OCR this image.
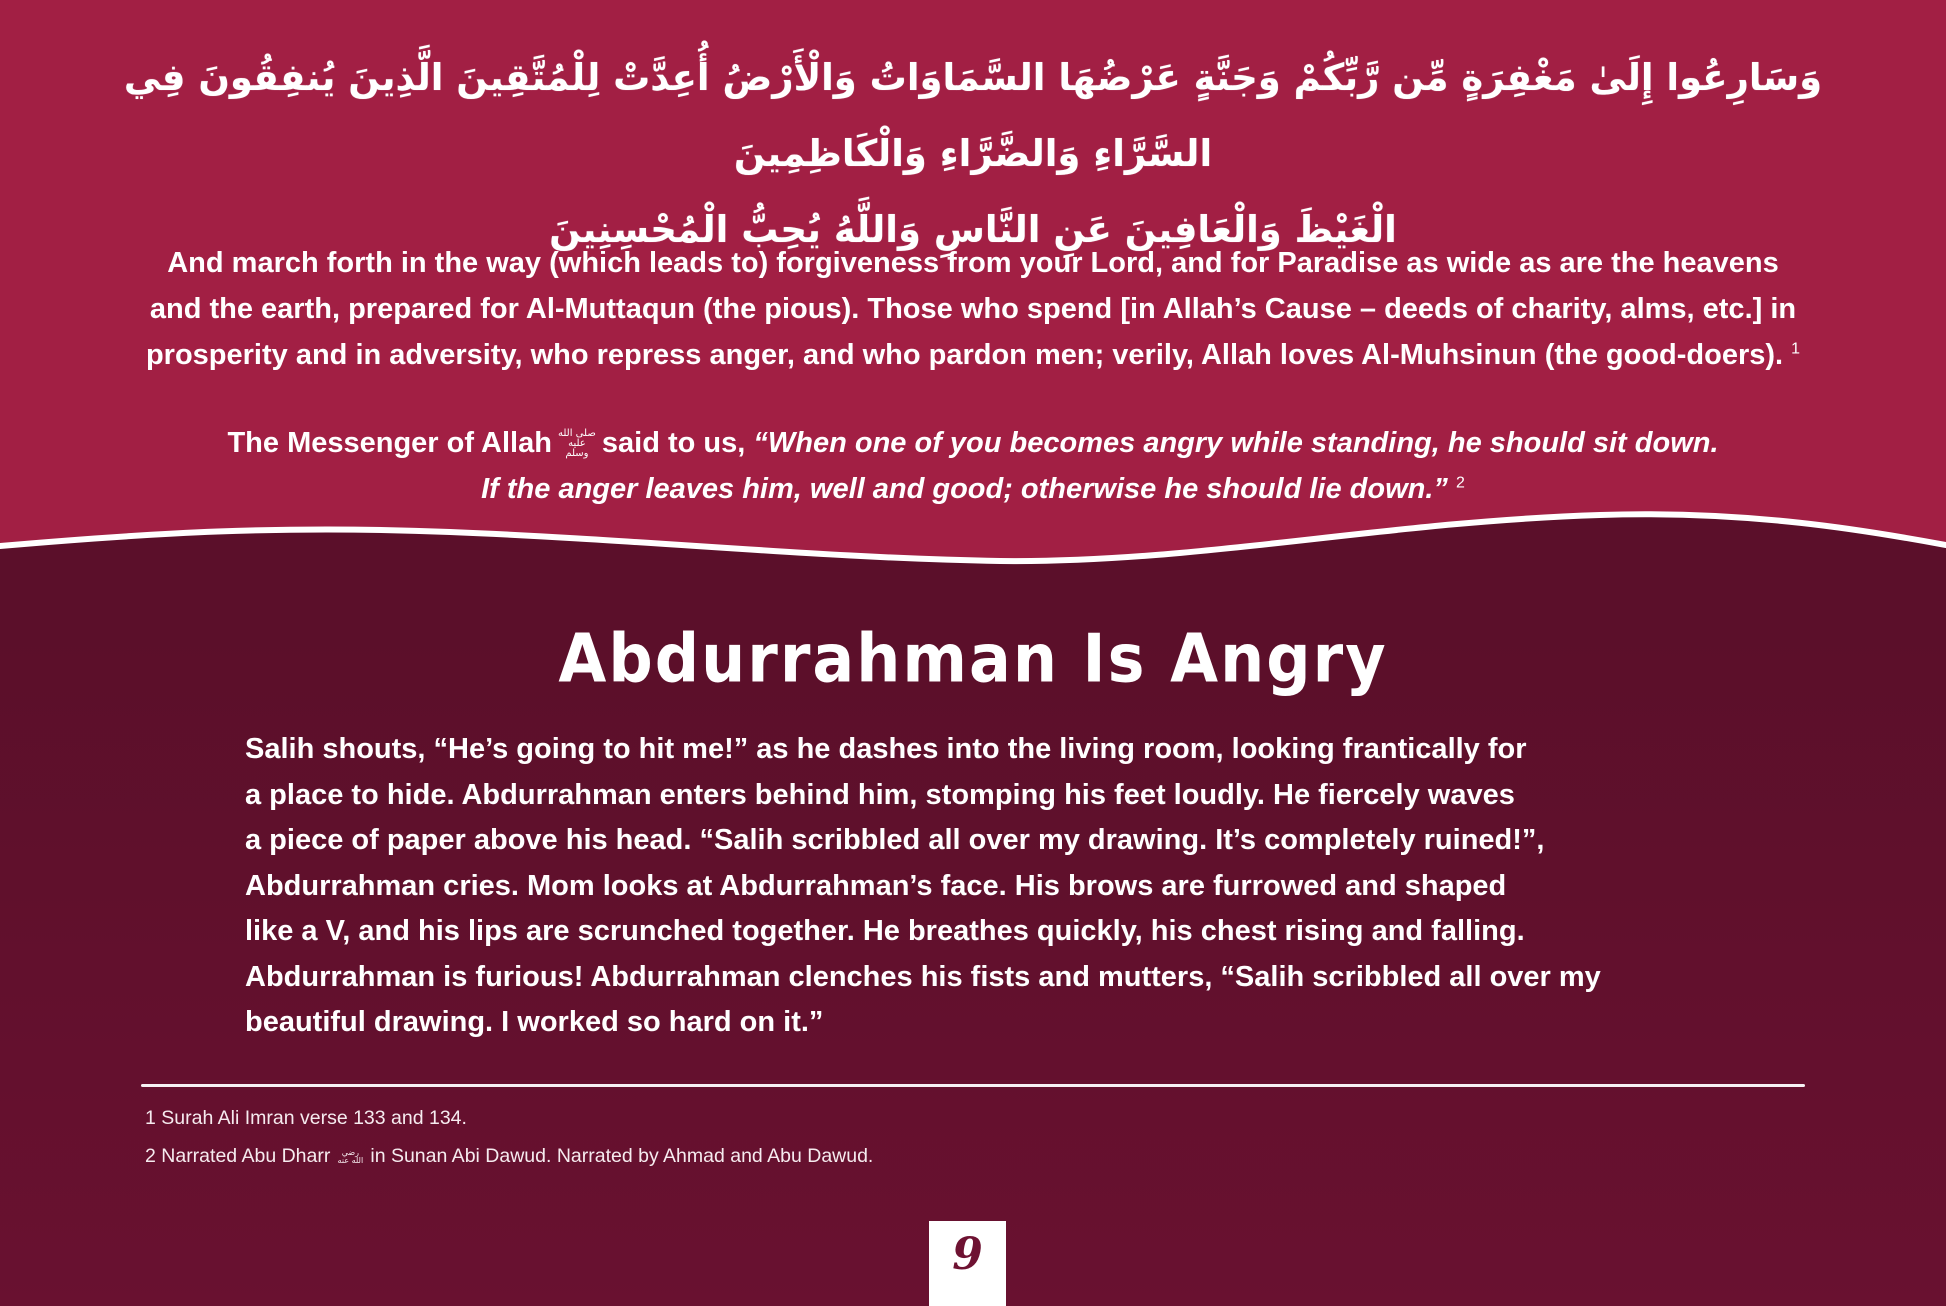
وَسَارِعُوا إِلَىٰ مَغْفِرَةٍ مِّن رَّبِّكُمْ وَجَنَّةٍ عَرْضُهَا السَّمَاوَاتُ وَالْأَرْضُ أُعِدَّتْ لِلْمُتَّقِينَ الَّذِينَ يُنفِقُونَ فِي السَّرَّاءِ وَالضَّرَّاءِ وَالْكَاظِمِينَ
الْغَيْظَ وَالْعَافِينَ عَنِ النَّاسِ وَاللَّهُ يُحِبُّ الْمُحْسِنِينَ
And march forth in the way (which leads to) forgiveness from your Lord, and for Paradise as wide as are the heavens
and the earth, prepared for Al-Muttaqun (the pious). Those who spend [in Allah’s Cause – deeds of charity, alms, etc.] in
prosperity and in adversity, who repress anger, and who pardon men; verily, Allah loves Al-Muhsinun (the good-doers). $^1$
The Messenger of Allah صلى الله عليه وسلم said to us, “When one of you becomes angry while standing, he should sit down.
If the anger leaves him, well and good; otherwise he should lie down.” $^2$
Abdurrahman Is Angry
Salih shouts, “He’s going to hit me!” as he dashes into the living room, looking frantically for
a place to hide. Abdurrahman enters behind him, stomping his feet loudly. He fiercely waves
a piece of paper above his head. “Salih scribbled all over my drawing. It’s completely ruined!”,
Abdurrahman cries. Mom looks at Abdurrahman’s face. His brows are furrowed and shaped
like a V, and his lips are scrunched together. He breathes quickly, his chest rising and falling.
Abdurrahman is furious! Abdurrahman clenches his fists and mutters, “Salih scribbled all over my
beautiful drawing. I worked so hard on it.”
1 Surah Ali Imran verse 133 and 134.
2 Narrated Abu Dharr رضي الله عنه in Sunan Abi Dawud. Narrated by Ahmad and Abu Dawud.
9
